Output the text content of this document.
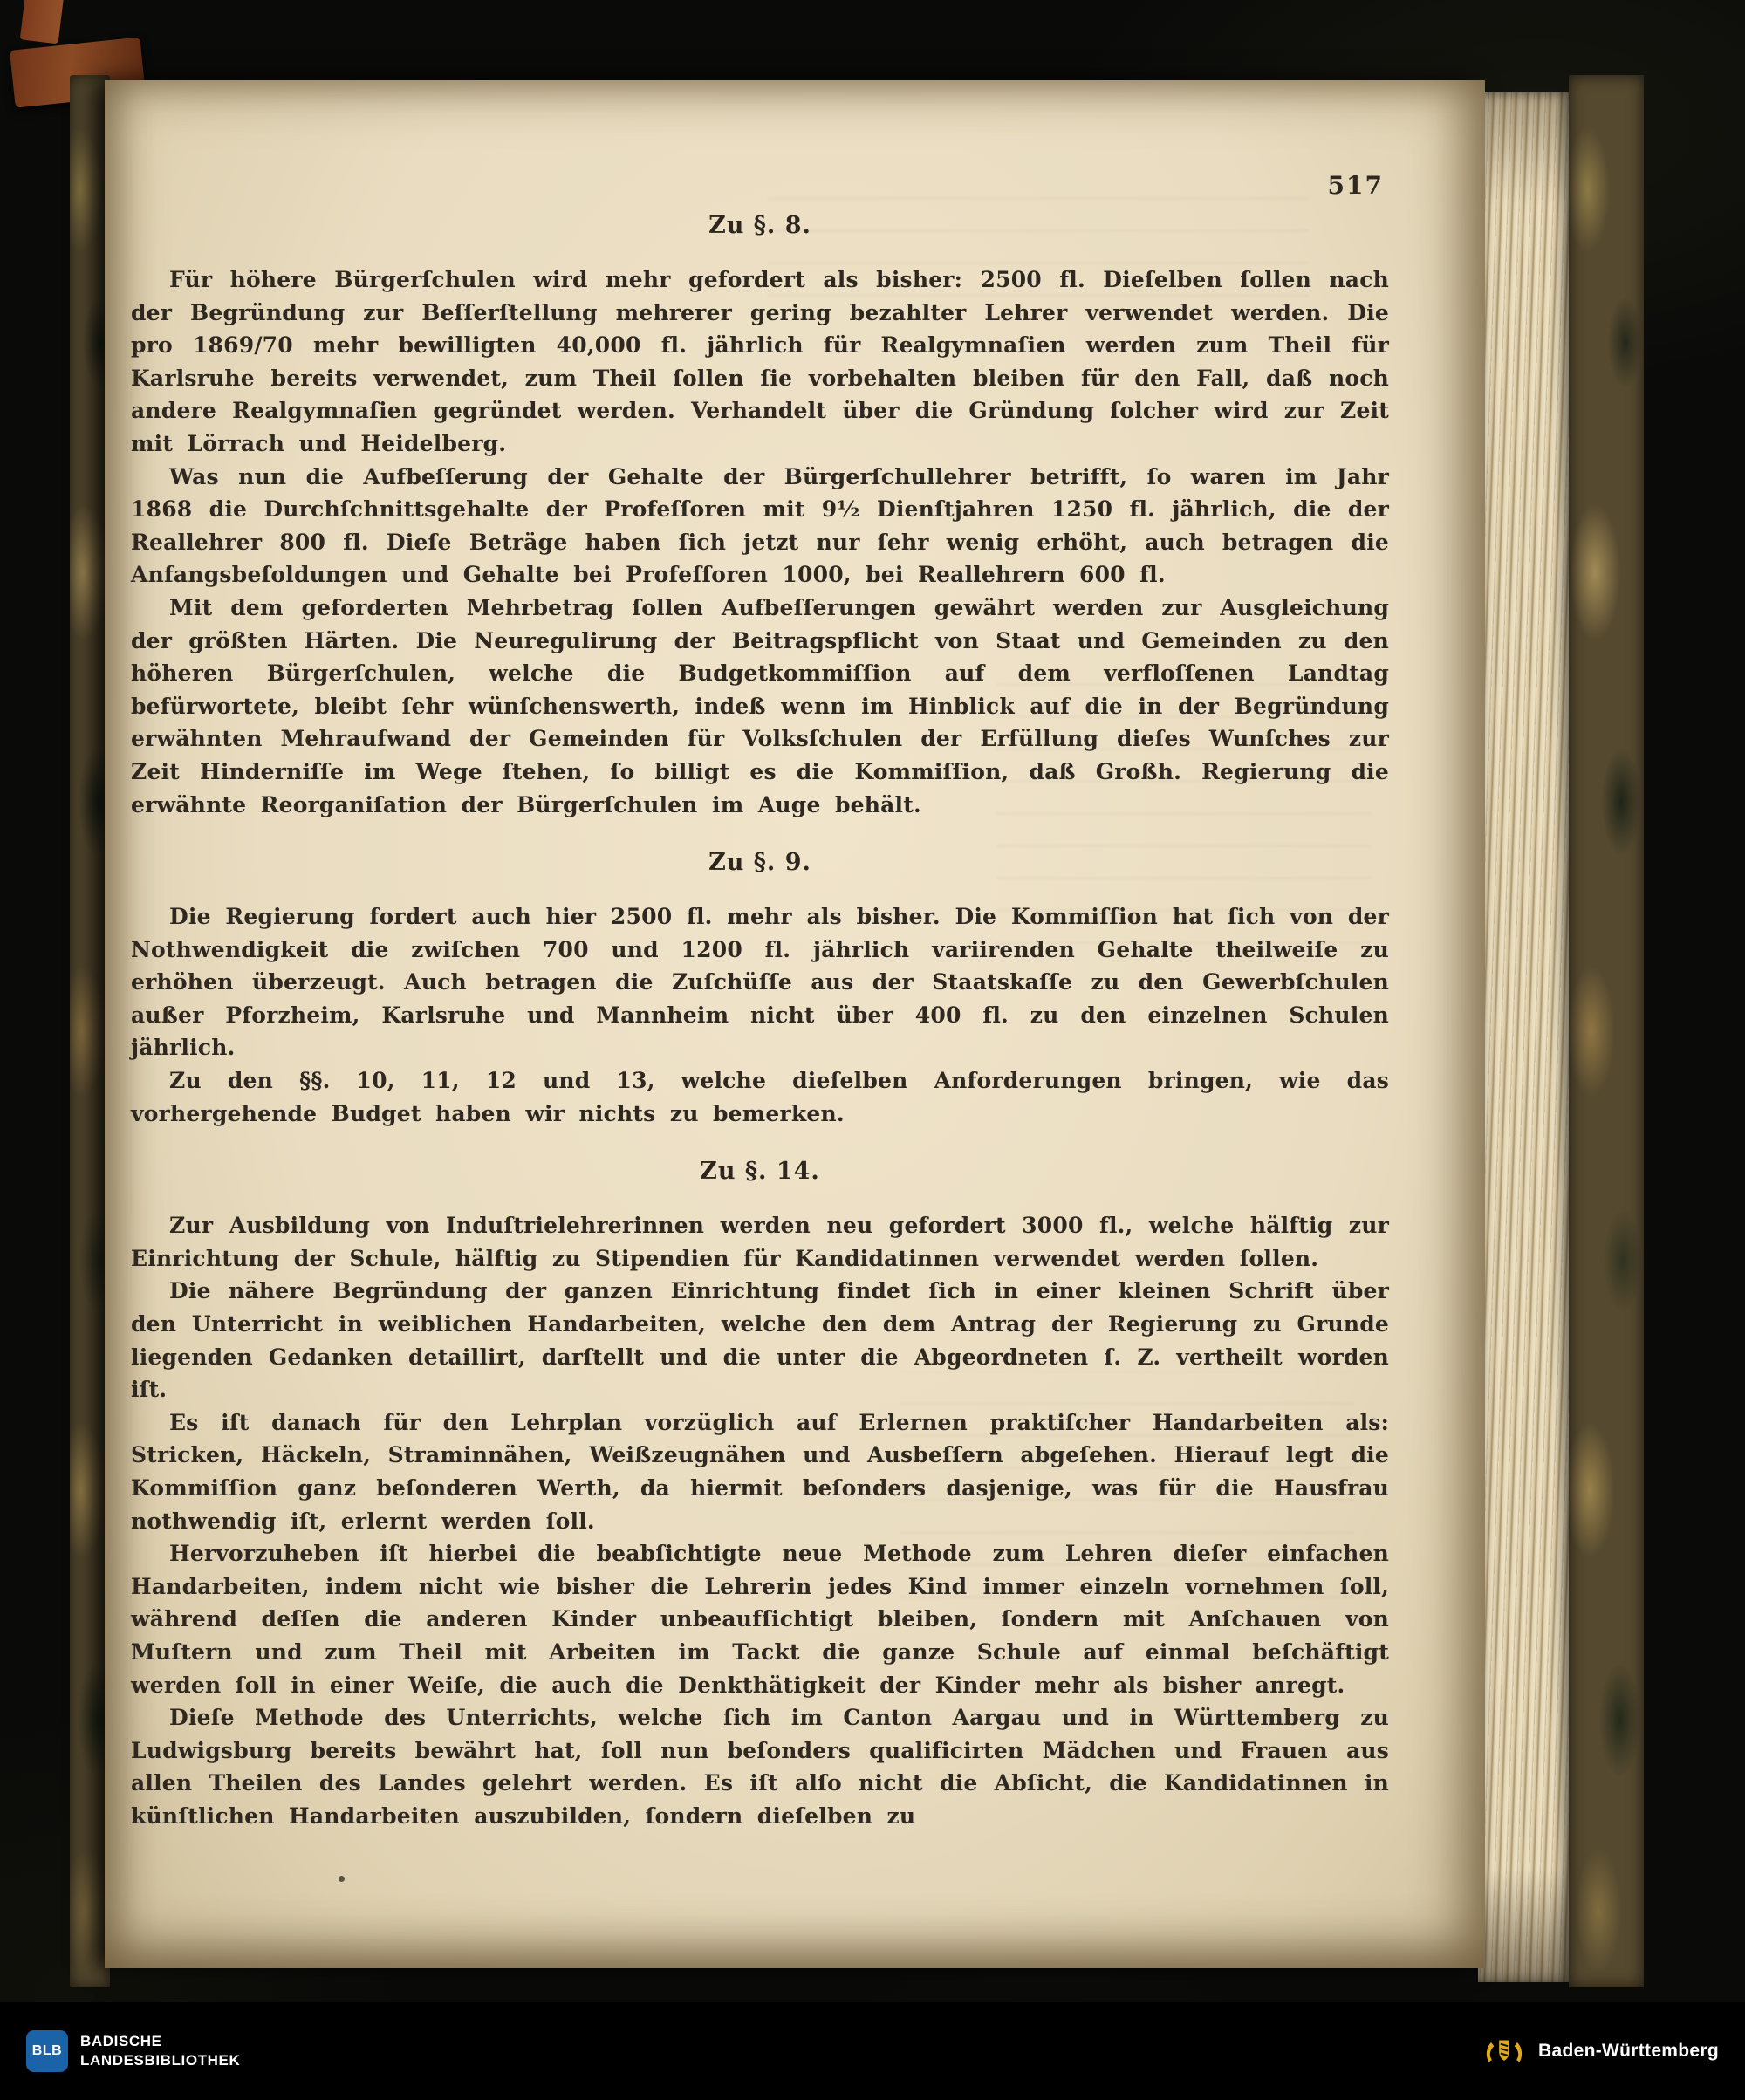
517
Zu §. 8.

Für höhere Bürgerſchulen wird mehr gefordert als bisher: 2500 fl. Dieſelben ſollen nach der Begründung zur Beſſerſtellung mehrerer gering bezahlter Lehrer verwendet werden. Die pro 1869/70 mehr bewilligten 40,000 fl. jährlich für Realgymnaſien werden zum Theil für Karlsruhe bereits verwendet, zum Theil ſollen ſie vorbehalten bleiben für den Fall, daß noch andere Realgymnaſien gegründet werden. Verhandelt über die Gründung ſolcher wird zur Zeit mit Lörrach und Heidelberg.

Was nun die Aufbeſſerung der Gehalte der Bürgerſchullehrer betrifft, ſo waren im Jahr 1868 die Durchſchnittsgehalte der Profeſſoren mit 9½ Dienſtjahren 1250 fl. jährlich, die der Reallehrer 800 fl. Dieſe Beträge haben ſich jetzt nur ſehr wenig erhöht, auch betragen die Anfangsbeſoldungen und Gehalte bei Profeſſoren 1000, bei Reallehrern 600 fl.

Mit dem geforderten Mehrbetrag ſollen Aufbeſſerungen gewährt werden zur Ausgleichung der größten Härten. Die Neuregulirung der Beitragspflicht von Staat und Gemeinden zu den höheren Bürgerſchulen, welche die Budgetkommiſſion auf dem verfloſſenen Landtag befürwortete, bleibt ſehr wünſchenswerth, indeß wenn im Hinblick auf die in der Begründung erwähnten Mehraufwand der Gemeinden für Volksſchulen der Erfüllung dieſes Wunſches zur Zeit Hinderniſſe im Wege ſtehen, ſo billigt es die Kommiſſion, daß Großh. Regierung die erwähnte Reorganiſation der Bürgerſchulen im Auge behält.

Zu §. 9.

Die Regierung fordert auch hier 2500 fl. mehr als bisher. Die Kommiſſion hat ſich von der Nothwendigkeit die zwiſchen 700 und 1200 fl. jährlich variirenden Gehalte theilweiſe zu erhöhen überzeugt. Auch betragen die Zuſchüſſe aus der Staatskaſſe zu den Gewerbſchulen außer Pforzheim, Karlsruhe und Mannheim nicht über 400 fl. zu den einzelnen Schulen jährlich.

Zu den §§. 10, 11, 12 und 13, welche dieſelben Anforderungen bringen, wie das vorhergehende Budget haben wir nichts zu bemerken.

Zu §. 14.

Zur Ausbildung von Induſtrielehrerinnen werden neu gefordert 3000 fl., welche hälftig zur Einrichtung der Schule, hälftig zu Stipendien für Kandidatinnen verwendet werden ſollen.

Die nähere Begründung der ganzen Einrichtung findet ſich in einer kleinen Schrift über den Unterricht in weiblichen Handarbeiten, welche den dem Antrag der Regierung zu Grunde liegenden Gedanken detaillirt, darſtellt und die unter die Abgeordneten ſ. Z. vertheilt worden iſt.

Es iſt danach für den Lehrplan vorzüglich auf Erlernen praktiſcher Handarbeiten als: Stricken, Häckeln, Straminnähen, Weißzeugnähen und Ausbeſſern abgeſehen. Hierauf legt die Kommiſſion ganz beſonderen Werth, da hiermit beſonders dasjenige, was für die Hausfrau nothwendig iſt, erlernt werden ſoll.

Hervorzuheben iſt hierbei die beabſichtigte neue Methode zum Lehren dieſer einfachen Handarbeiten, indem nicht wie bisher die Lehrerin jedes Kind immer einzeln vornehmen ſoll, während deſſen die anderen Kinder unbeaufſichtigt bleiben, ſondern mit Anſchauen von Muſtern und zum Theil mit Arbeiten im Tackt die ganze Schule auf einmal beſchäftigt werden ſoll in einer Weiſe, die auch die Denkthätigkeit der Kinder mehr als bisher anregt.

Dieſe Methode des Unterrichts, welche ſich im Canton Aargau und in Württemberg zu Ludwigsburg bereits bewährt hat, ſoll nun beſonders qualificirten Mädchen und Frauen aus allen Theilen des Landes gelehrt werden. Es iſt alſo nicht die Abſicht, die Kandidatinnen in künſtlichen Handarbeiten auszubilden, ſondern dieſelben zu

BLB
BADISCHE
LANDESBIBLIOTHEK	Baden-Württemberg
